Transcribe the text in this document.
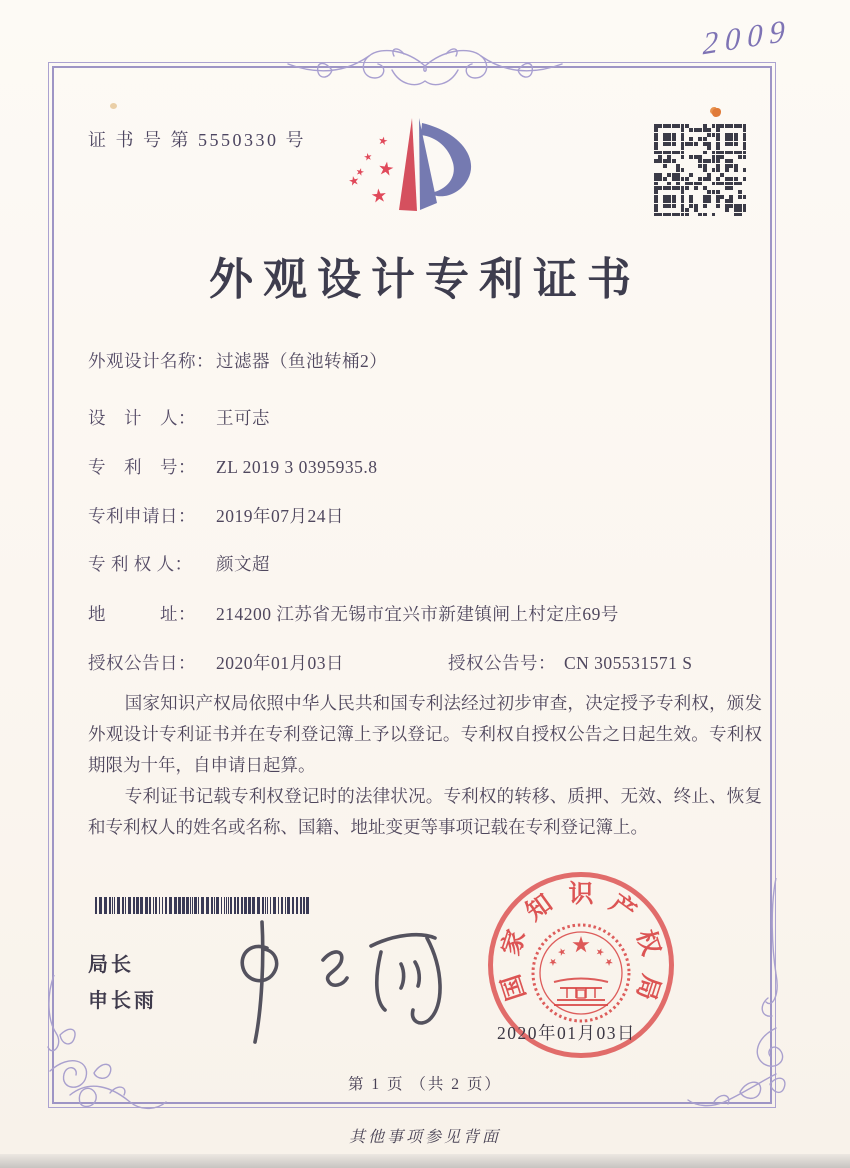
2009
证 书 号 第 5550330 号
外观设计专利证书
外观设计名称： 过滤器（鱼池转桶2）
设　计　人： 王可志
专　利　号： ZL 2019 3 0395935.8
专利申请日： 2019年07月24日
专 利 权 人： 颜文超
地　　　址： 214200 江苏省无锡市宜兴市新建镇闸上村定庄69号
授权公告日： 2020年01月03日	授权公告号： CN 305531571 S

国家知识产权局依照中华人民共和国专利法经过初步审查，决定授予专利权，颁发外观设计专利证书并在专利登记簿上予以登记。专利权自授权公告之日起生效。专利权期限为十年，自申请日起算。

专利证书记载专利权登记时的法律状况。专利权的转移、质押、无效、终止、恢复和专利权人的姓名或名称、国籍、地址变更等事项记载在专利登记簿上。

局长
申长雨	国
家
知 识 产
权
局
2020年01月03日
第 1 页 （共 2 页）
其他事项参见背面
